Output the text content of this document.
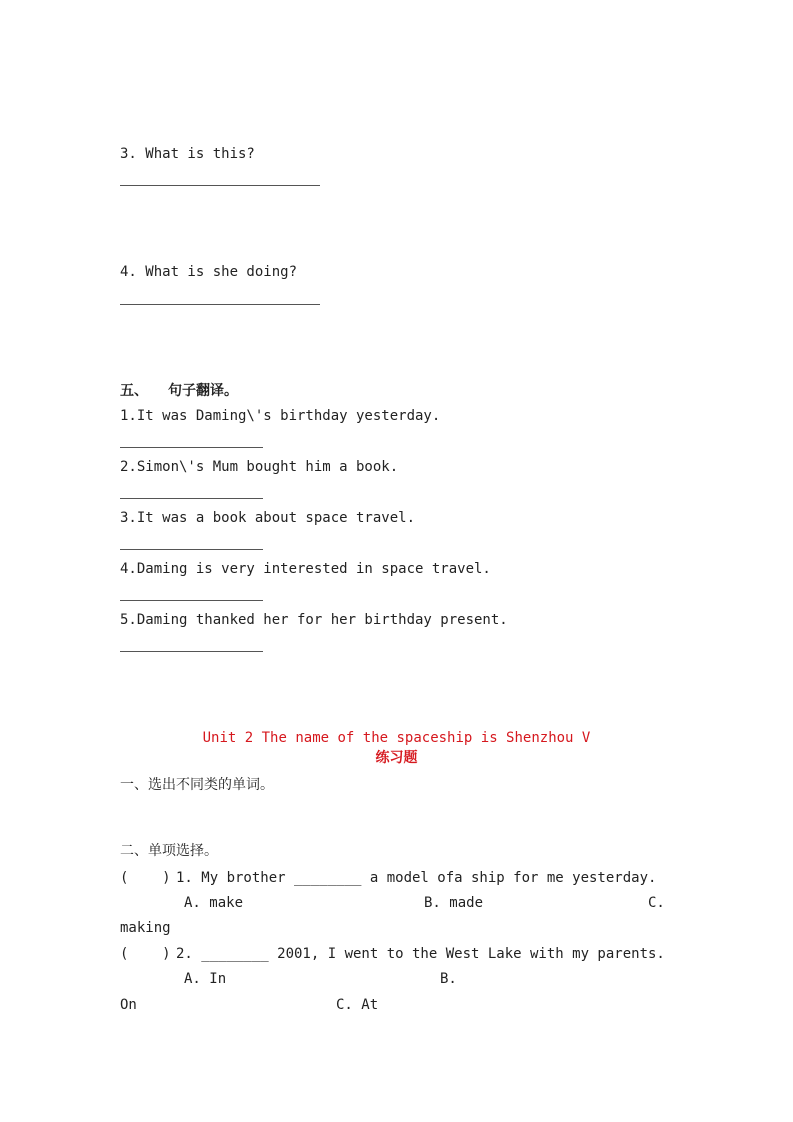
3. What is this?
4. What is she doing?
五、 句子翻译。
1.It was Daming\'s birthday yesterday.
2.Simon\'s Mum bought him a book.
3.It was a book about space travel.
4.Daming is very interested in space travel.
5.Daming thanked her for her birthday present.
Unit 2 The name of the spaceship is Shenzhou V
练习题
一、选出不同类的单词。
二、单项选择。
(    ) 1. My brother ________ a model ofa ship for me yesterday.
A. make	B. made	C.
making
(    ) 2. ________ 2001, I went to the West Lake with my parents.
A. In	B.
On	C. At
